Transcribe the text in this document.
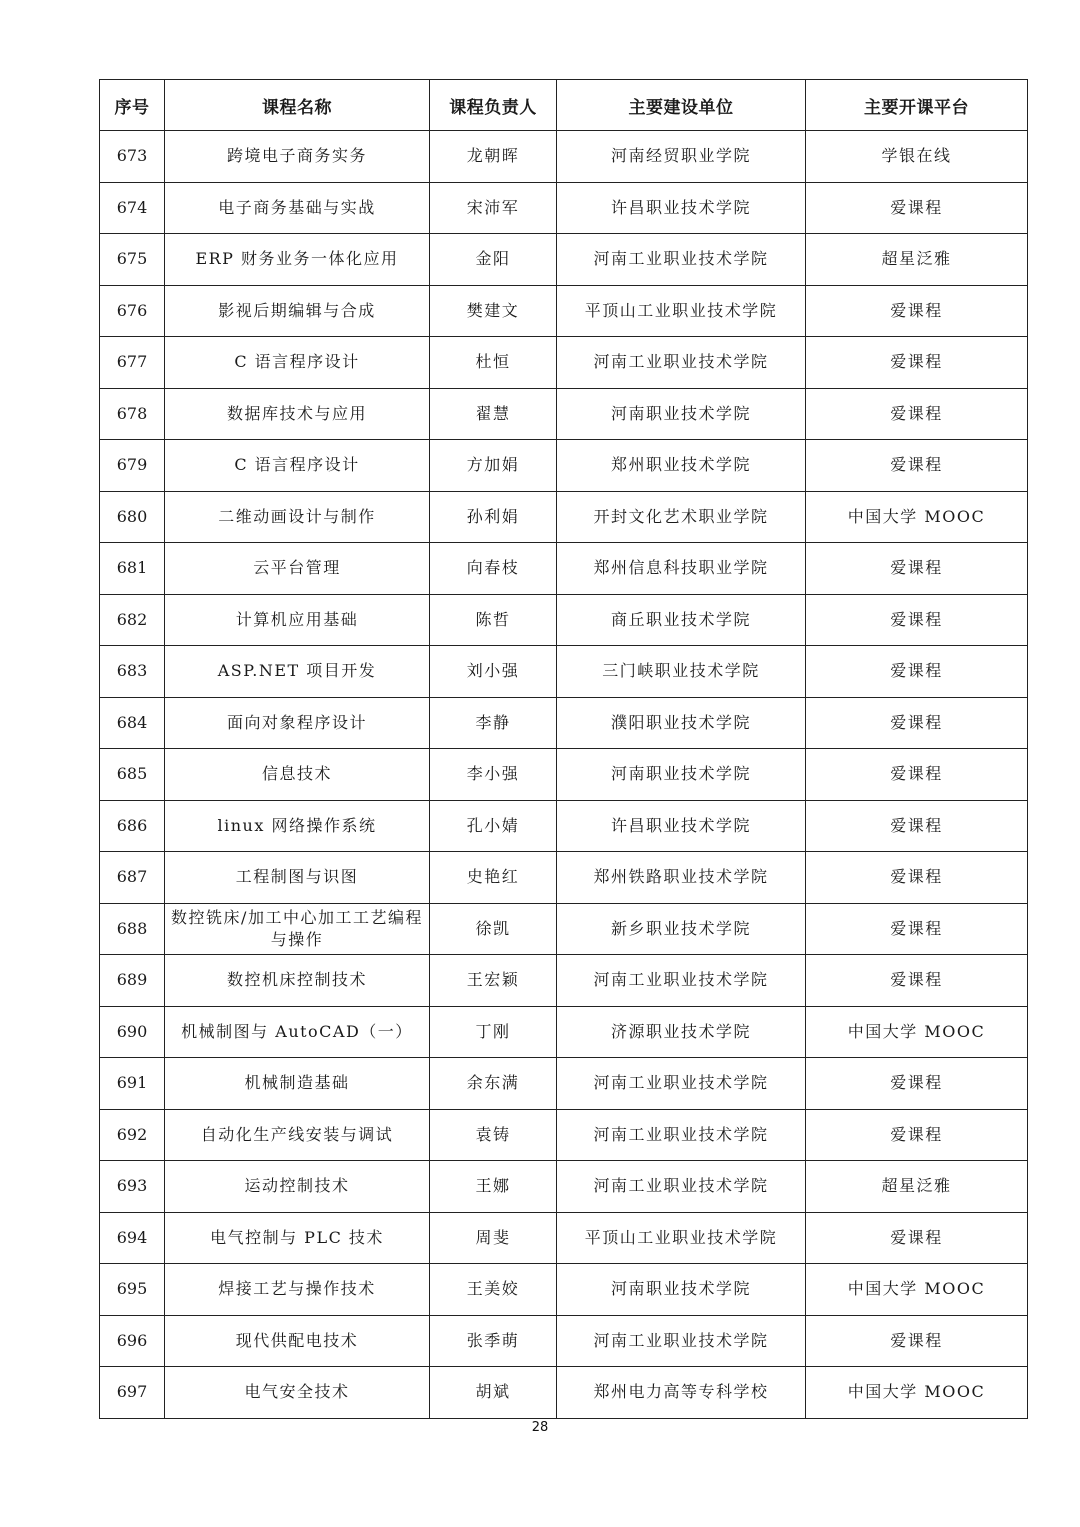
序号	课程名称	课程负责人	主要建设单位	主要开课平台
673	跨境电子商务实务	龙朝晖	河南经贸职业学院	学银在线
674	电子商务基础与实战	宋沛军	许昌职业技术学院	爱课程
675	ERP 财务业务一体化应用	金阳	河南工业职业技术学院	超星泛雅
676	影视后期编辑与合成	樊建文	平顶山工业职业技术学院	爱课程
677	C 语言程序设计	杜恒	河南工业职业技术学院	爱课程
678	数据库技术与应用	翟慧	河南职业技术学院	爱课程
679	C 语言程序设计	方加娟	郑州职业技术学院	爱课程
680	二维动画设计与制作	孙利娟	开封文化艺术职业学院	中国大学 MOOC
681	云平台管理	向春枝	郑州信息科技职业学院	爱课程
682	计算机应用基础	陈哲	商丘职业技术学院	爱课程
683	ASP.NET 项目开发	刘小强	三门峡职业技术学院	爱课程
684	面向对象程序设计	李静	濮阳职业技术学院	爱课程
685	信息技术	李小强	河南职业技术学院	爱课程
686	linux 网络操作系统	孔小婧	许昌职业技术学院	爱课程
687	工程制图与识图	史艳红	郑州铁路职业技术学院	爱课程
688	数控铣床/加工中心加工工艺编程与操作	徐凯	新乡职业技术学院	爱课程
689	数控机床控制技术	王宏颖	河南工业职业技术学院	爱课程
690	机械制图与 AutoCAD（一）	丁刚	济源职业技术学院	中国大学 MOOC
691	机械制造基础	余东满	河南工业职业技术学院	爱课程
692	自动化生产线安装与调试	袁铸	河南工业职业技术学院	爱课程
693	运动控制技术	王娜	河南工业职业技术学院	超星泛雅
694	电气控制与 PLC 技术	周斐	平顶山工业职业技术学院	爱课程
695	焊接工艺与操作技术	王美姣	河南职业技术学院	中国大学 MOOC
696	现代供配电技术	张季萌	河南工业职业技术学院	爱课程
697	电气安全技术	胡斌	郑州电力高等专科学校	中国大学 MOOC
28
